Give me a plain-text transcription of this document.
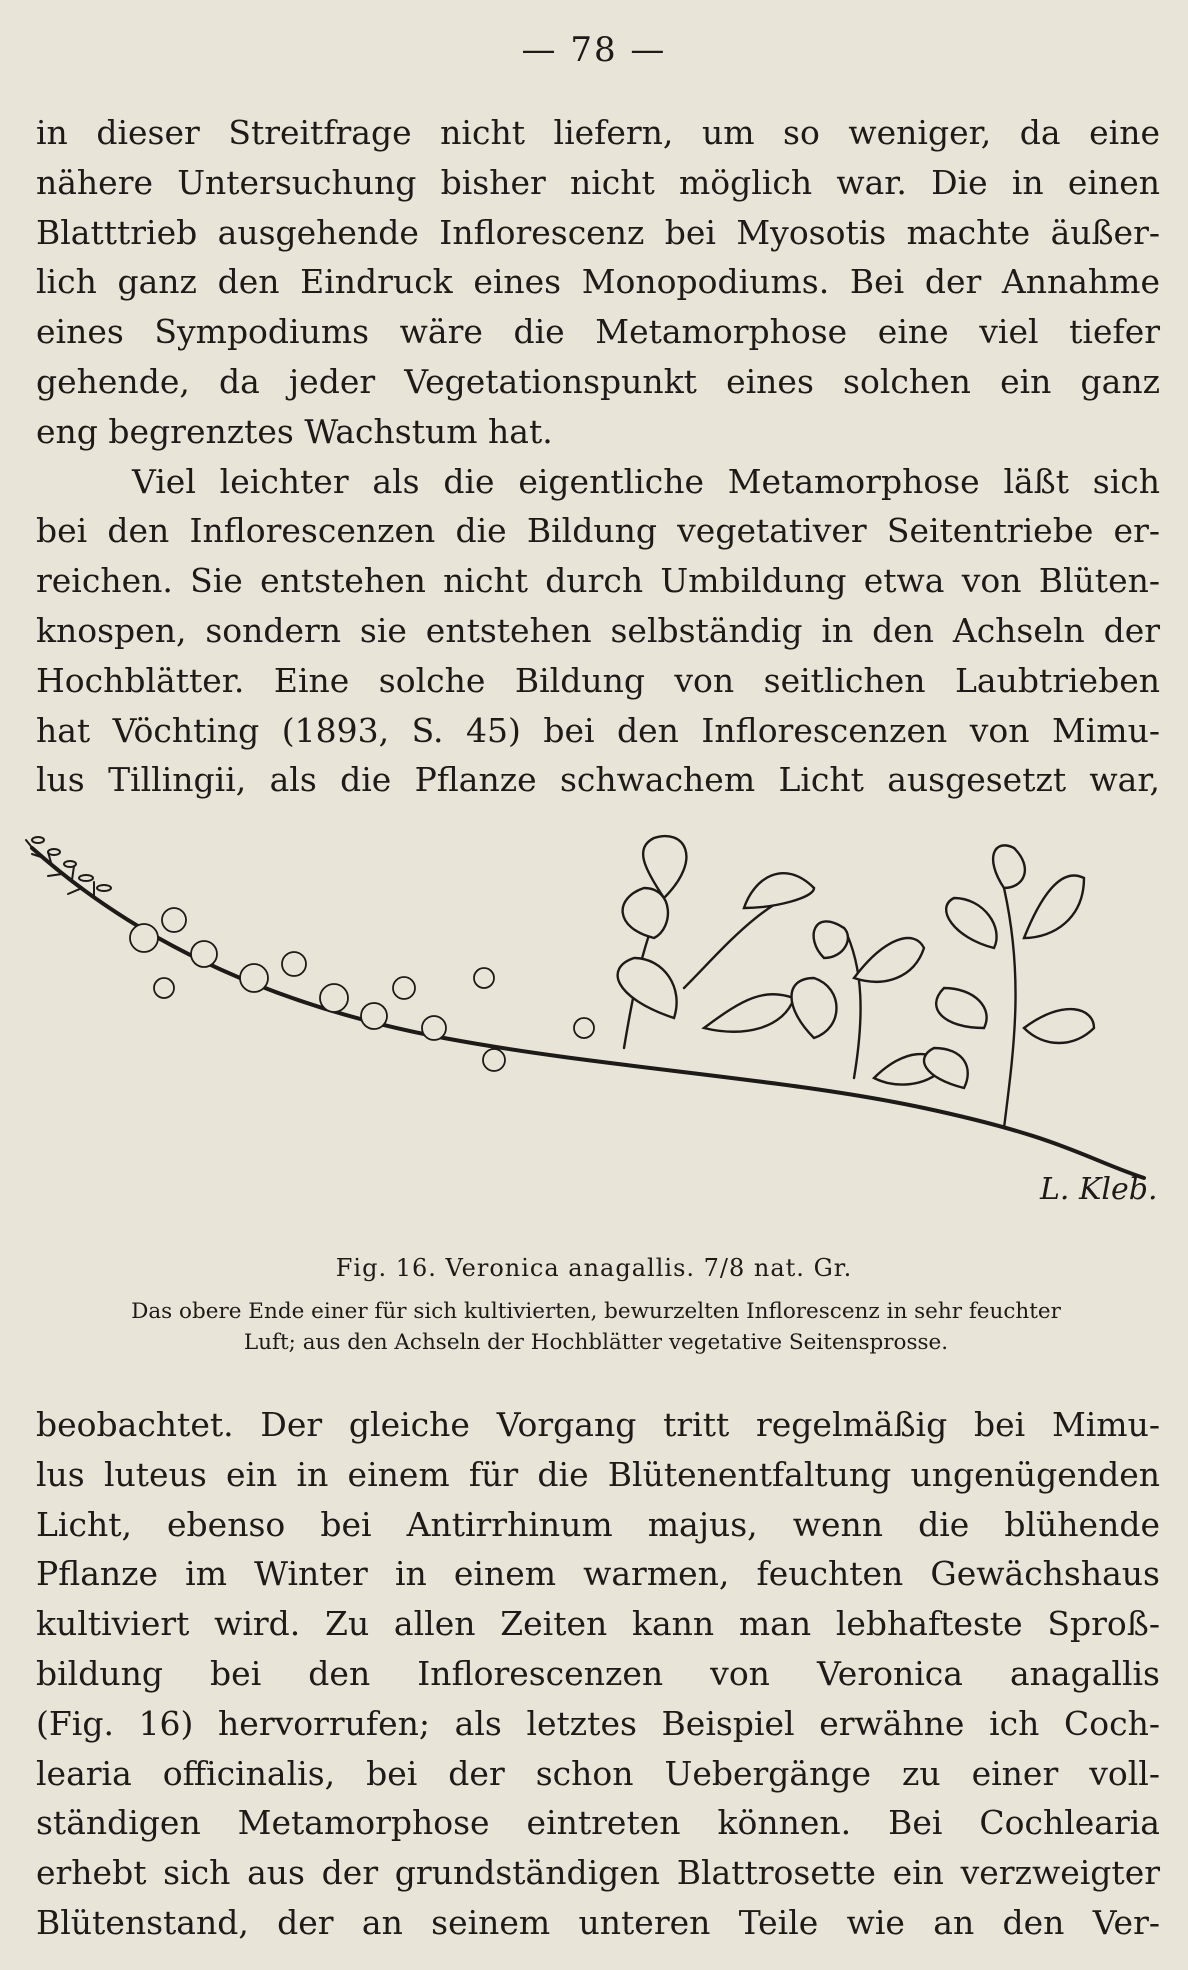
— 78 —

in dieser Streitfrage nicht liefern, um so weniger, da eine

nähere Untersuchung bisher nicht möglich war. Die in einen

Blatttrieb ausgehende Inflorescenz bei Myosotis machte äußer-

lich ganz den Eindruck eines Monopodiums. Bei der Annahme

eines Sympodiums wäre die Metamorphose eine viel tiefer

gehende, da jeder Vegetationspunkt eines solchen ein ganz

eng begrenztes Wachstum hat.

Viel leichter als die eigentliche Metamorphose läßt sich

bei den Inflorescenzen die Bildung vegetativer Seitentriebe er-

reichen. Sie entstehen nicht durch Umbildung etwa von Blüten-

knospen, sondern sie entstehen selbständig in den Achseln der

Hochblätter. Eine solche Bildung von seitlichen Laubtrieben

hat Vöchting (1893, S. 45) bei den Inflorescenzen von Mimu-

lus Tillingii, als die Pflanze schwachem Licht ausgesetzt war,

L. Kleb.
Fig. 16. Veronica anagallis. 7/8 nat. Gr.
Das obere Ende einer für sich kultivierten, bewurzelten Inflorescenz in sehr feuchter
Luft; aus den Achseln der Hochblätter vegetative Seitensprosse.

beobachtet. Der gleiche Vorgang tritt regelmäßig bei Mimu-

lus luteus ein in einem für die Blütenentfaltung ungenügenden

Licht, ebenso bei Antirrhinum majus, wenn die blühende

Pflanze im Winter in einem warmen, feuchten Gewächshaus

kultiviert wird. Zu allen Zeiten kann man lebhafteste Sproß-

bildung bei den Inflorescenzen von Veronica anagallis

(Fig. 16) hervorrufen; als letztes Beispiel erwähne ich Coch-

learia officinalis, bei der schon Uebergänge zu einer voll-

ständigen Metamorphose eintreten können. Bei Cochlearia

erhebt sich aus der grundständigen Blattrosette ein verzweigter

Blütenstand, der an seinem unteren Teile wie an den Ver-
